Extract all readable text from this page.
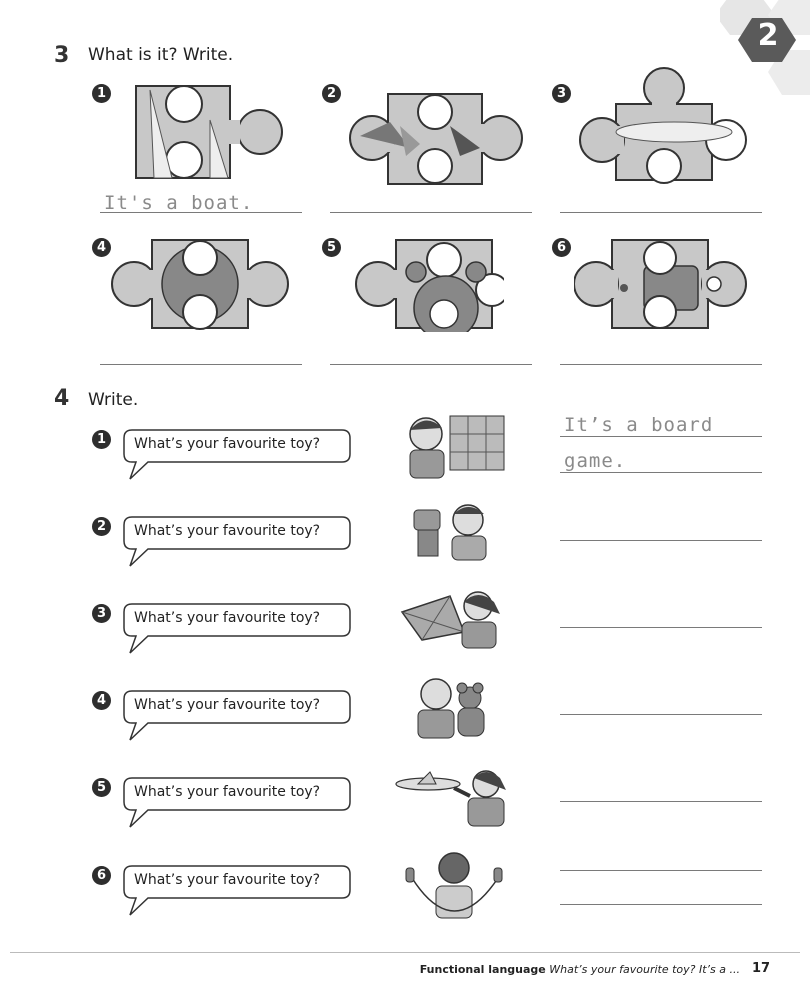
2
3 What is it? Write.
1
It's a boat.
2	3
4	5	6
4 Write.
1	What’s your favourite toy?
It’s a board
game.
2	What’s your favourite toy?
3	What’s your favourite toy?
4	What’s your favourite toy?
5	What’s your favourite toy?
6	What’s your favourite toy?
Functional language What’s your favourite toy? It’s a ... 17
